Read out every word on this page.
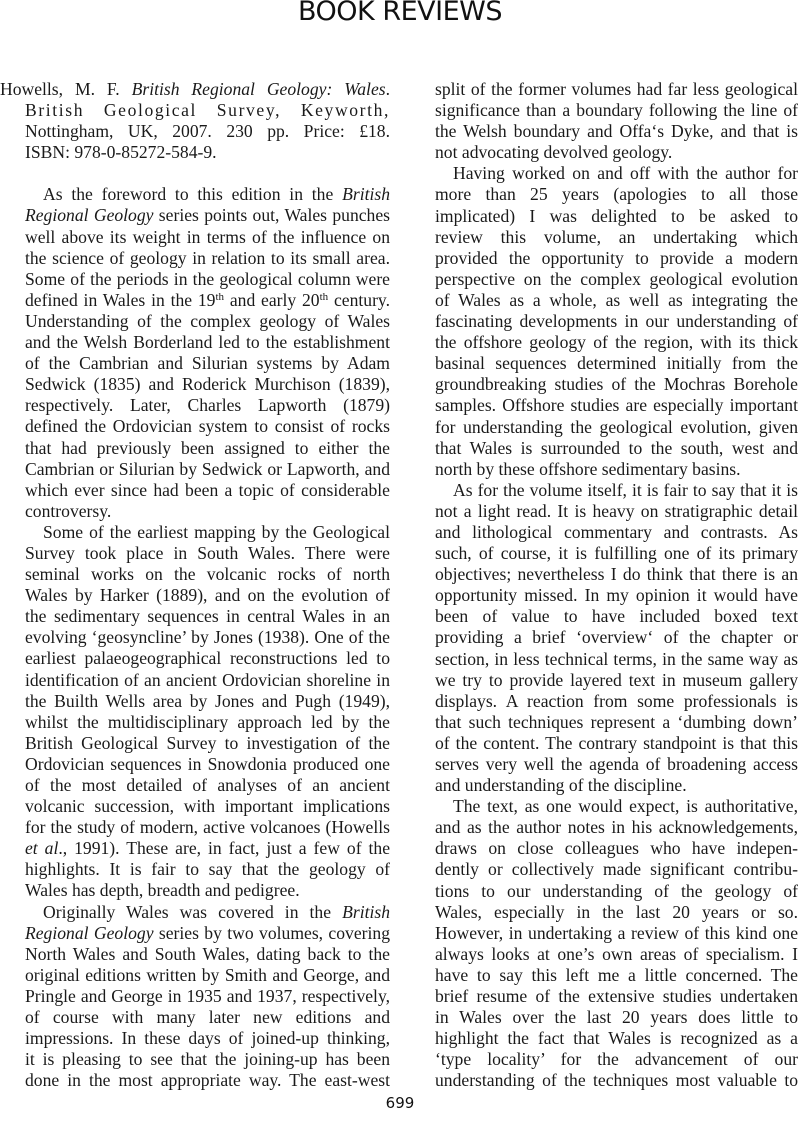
BOOK REVIEWS
Howells, M. F. British Regional Geology: Wales.
British Geological Survey, Keyworth,
Nottingham, UK, 2007. 230 pp. Price: £18.
ISBN: 978-0-85272-584-9.

As the foreword to this edition in the British
Regional Geology series points out, Wales punches
well above its weight in terms of the influence on
the science of geology in relation to its small area.
Some of the periods in the geological column were
defined in Wales in the 19th and early 20th century.
Understanding of the complex geology of Wales
and the Welsh Borderland led to the establishment
of the Cambrian and Silurian systems by Adam
Sedwick (1835) and Roderick Murchison (1839),
respectively. Later, Charles Lapworth (1879)
defined the Ordovician system to consist of rocks
that had previously been assigned to either the
Cambrian or Silurian by Sedwick or Lapworth, and
which ever since had been a topic of considerable
controversy.

Some of the earliest mapping by the Geological
Survey took place in South Wales. There were
seminal works on the volcanic rocks of north
Wales by Harker (1889), and on the evolution of
the sedimentary sequences in central Wales in an
evolving ‘geosyncline’ by Jones (1938). One of the
earliest palaeogeographical reconstructions led to
identification of an ancient Ordovician shoreline in
the Builth Wells area by Jones and Pugh (1949),
whilst the multidisciplinary approach led by the
British Geological Survey to investigation of the
Ordovician sequences in Snowdonia produced one
of the most detailed of analyses of an ancient
volcanic succession, with important implications
for the study of modern, active volcanoes (Howells
et al., 1991). These are, in fact, just a few of the
highlights. It is fair to say that the geology of
Wales has depth, breadth and pedigree.

Originally Wales was covered in the British
Regional Geology series by two volumes, covering
North Wales and South Wales, dating back to the
original editions written by Smith and George, and
Pringle and George in 1935 and 1937, respectively,
of course with many later new editions and
impressions. In these days of joined-up thinking,
it is pleasing to see that the joining-up has been
done in the most appropriate way. The east-west

split of the former volumes had far less geological
significance than a boundary following the line of
the Welsh boundary and Offa‘s Dyke, and that is
not advocating devolved geology.

Having worked on and off with the author for
more than 25 years (apologies to all those
implicated) I was delighted to be asked to
review this volume, an undertaking which
provided the opportunity to provide a modern
perspective on the complex geological evolution
of Wales as a whole, as well as integrating the
fascinating developments in our understanding of
the offshore geology of the region, with its thick
basinal sequences determined initially from the
groundbreaking studies of the Mochras Borehole
samples. Offshore studies are especially important
for understanding the geological evolution, given
that Wales is surrounded to the south, west and
north by these offshore sedimentary basins.

As for the volume itself, it is fair to say that it is
not a light read. It is heavy on stratigraphic detail
and lithological commentary and contrasts. As
such, of course, it is fulfilling one of its primary
objectives; nevertheless I do think that there is an
opportunity missed. In my opinion it would have
been of value to have included boxed text
providing a brief ‘overview‘ of the chapter or
section, in less technical terms, in the same way as
we try to provide layered text in museum gallery
displays. A reaction from some professionals is
that such techniques represent a ‘dumbing down’
of the content. The contrary standpoint is that this
serves very well the agenda of broadening access
and understanding of the discipline.

The text, as one would expect, is authoritative,
and as the author notes in his acknowledgements,
draws on close colleagues who have indepen-
dently or collectively made significant contribu-
tions to our understanding of the geology of
Wales, especially in the last 20 years or so.
However, in undertaking a review of this kind one
always looks at one’s own areas of specialism. I
have to say this left me a little concerned. The
brief resume of the extensive studies undertaken
in Wales over the last 20 years does little to
highlight the fact that Wales is recognized as a
‘type locality’ for the advancement of our
understanding of the techniques most valuable to

699
